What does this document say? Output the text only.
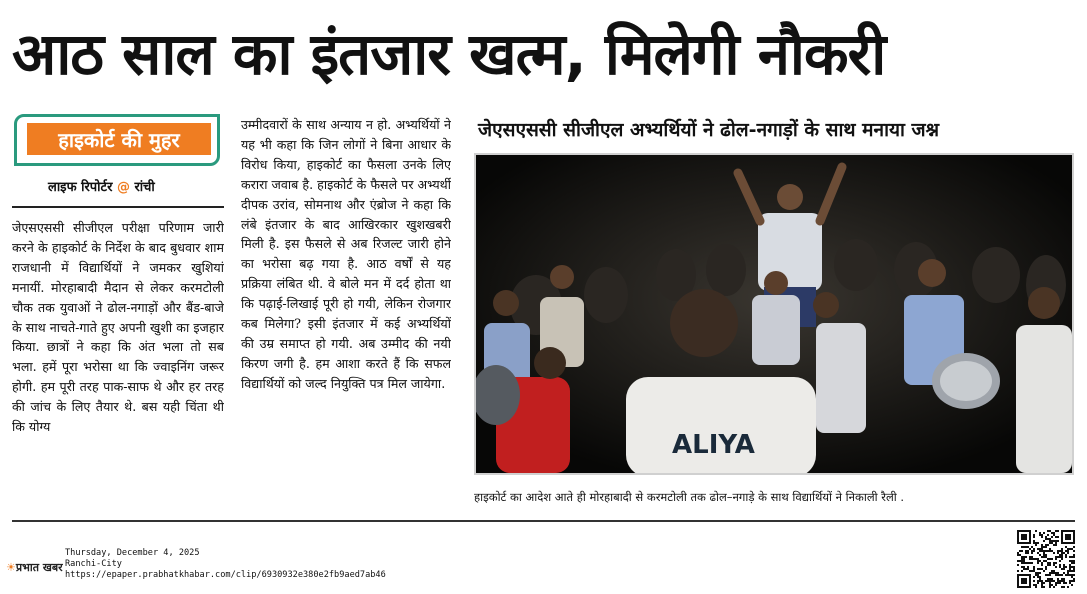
आठ साल का इंतजार खत्म, मिलेगी नौकरी
हाइकोर्ट की मुहर
लाइफ रिपोर्टर @ रांची
जेएसएससी सीजीएल परीक्षा परिणाम जारी करने के हाइकोर्ट के निर्देश के बाद बुधवार शाम राजधानी में विद्यार्थियों ने जमकर खुशियां मनायीं. मोरहाबादी मैदान से लेकर करमटोली चौक तक युवाओं ने ढोल-नगाड़ों और बैंड-बाजे के साथ नाचते-गाते हुए अपनी खुशी का इजहार किया. छात्रों ने कहा कि अंत भला तो सब भला. हमें पूरा भरोसा था कि ज्वाइनिंग जरूर होगी. हम पूरी तरह पाक-साफ थे और हर तरह की जांच के लिए तैयार थे. बस यही चिंता थी कि योग्य
उम्मीदवारों के साथ अन्याय न हो. अभ्यर्थियों ने यह भी कहा कि जिन लोगों ने बिना आधार के विरोध किया, हाइकोर्ट का फैसला उनके लिए करारा जवाब है. हाइकोर्ट के फैसले पर अभ्यर्थी दीपक उरांव, सोमनाथ और एंब्रोज ने कहा कि लंबे इंतजार के बाद आखिरकार खुशखबरी मिली है. इस फैसले से अब रिजल्ट जारी होने का भरोसा बढ़ गया है. आठ वर्षों से यह प्रक्रिया लंबित थी. वे बोले मन में दर्द होता था कि पढ़ाई-लिखाई पूरी हो गयी, लेकिन रोजगार कब मिलेगा? इसी इंतजार में कई अभ्यर्थियों की उम्र समाप्त हो गयी. अब उम्मीद की नयी किरण जगी है. हम आशा करते हैं कि सफल विद्यार्थियों को जल्द नियुक्ति पत्र मिल जायेगा.
जेएसएससी सीजीएल अभ्यर्थियों ने ढोल-नगाड़ों के साथ मनाया जश्न
ALIYA
हाइकोर्ट का आदेश आते ही मोरहाबादी से करमटोली तक ढोल–नगाड़े के साथ विद्यार्थियों ने निकाली रैली .
☀प्रभात खबर
Thursday, December 4, 2025
Ranchi-City
https://epaper.prabhatkhabar.com/clip/6930932e380e2fb9aed7ab46
